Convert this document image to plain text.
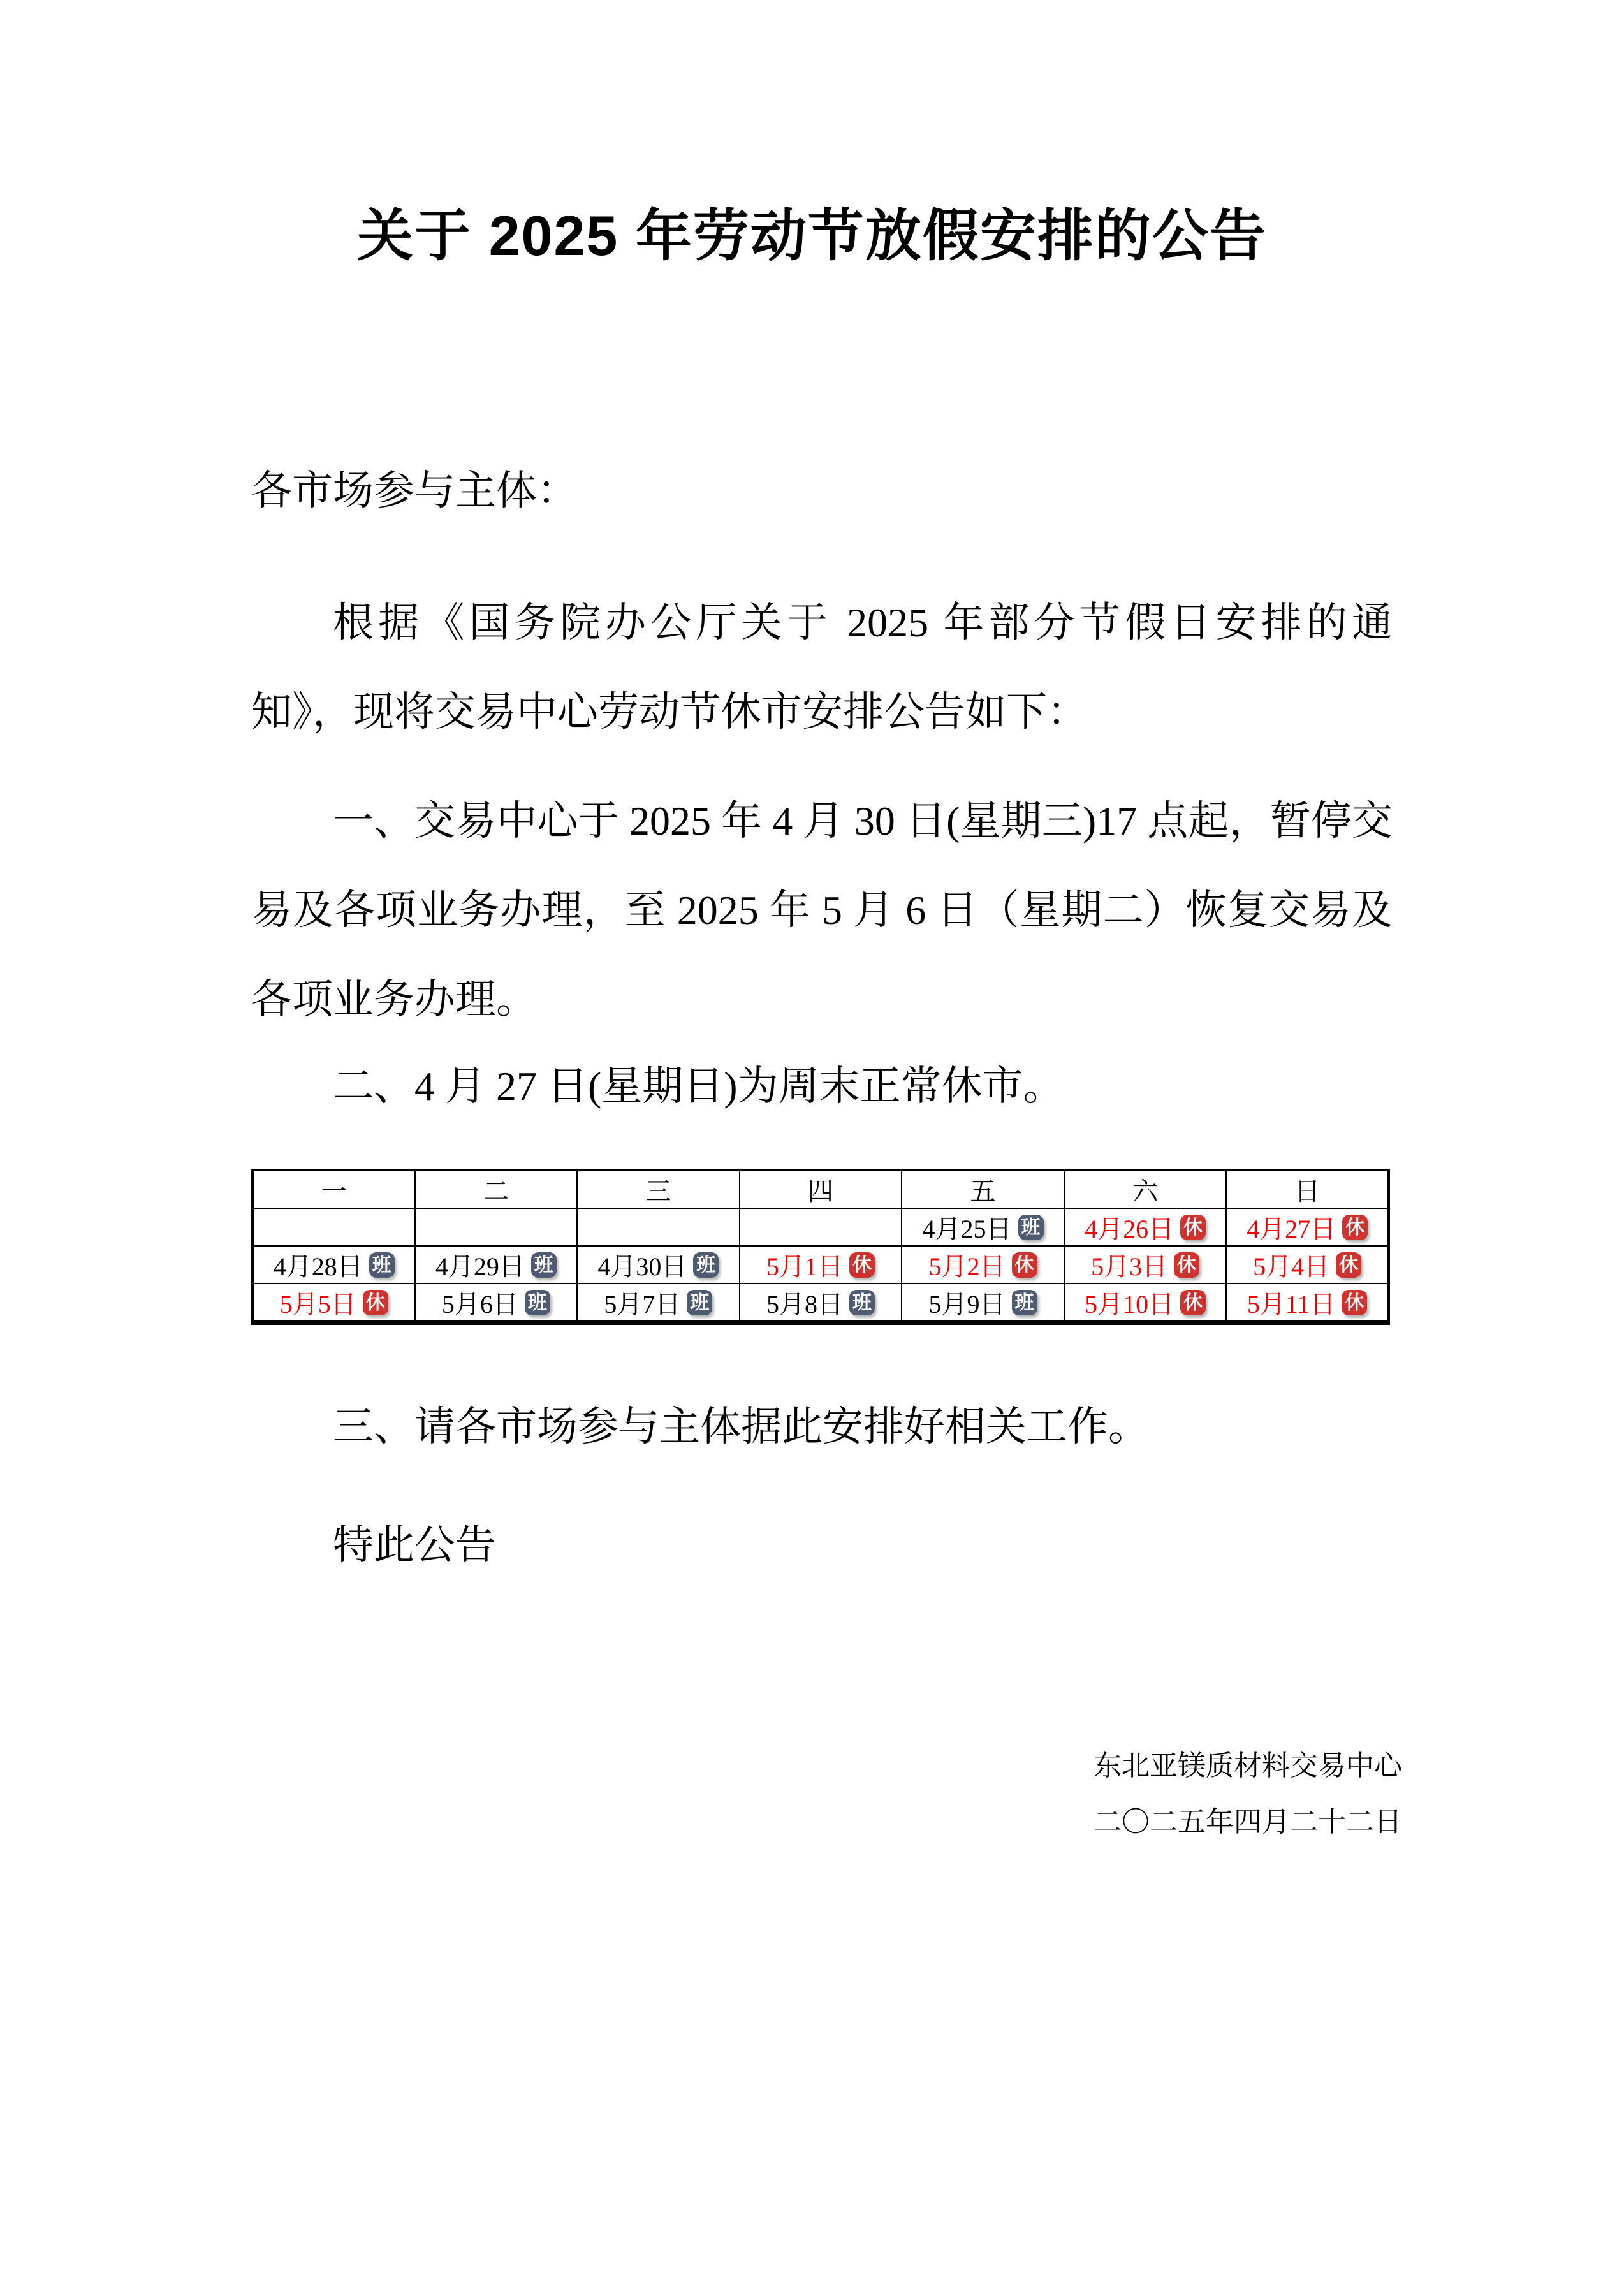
关于 2025 年劳动节放假安排的公告

各市场参与主体：

根据《国务院办公厅关于 2025 年部分节假日安排的通知》，现将交易中心劳动节休市安排公告如下：

一、交易中心于 2025 年 4 月 30 日(星期三)17 点起，暂停交易及各项业务办理，至 2025 年 5 月 6 日（星期二）恢复交易及各项业务办理。

二、4 月 27 日(星期日)为周末正常休市。

一	二	三	四	五	六	日
				4月25日 班	4月26日 休	4月27日 休
4月28日 班	4月29日 班	4月30日 班	5月1日 休	5月2日 休	5月3日 休	5月4日 休
5月5日 休	5月6日 班	5月7日 班	5月8日 班	5月9日 班	5月10日 休	5月11日 休

三、请各市场参与主体据此安排好相关工作。

特此公告

东北亚镁质材料交易中心

二〇二五年四月二十二日
